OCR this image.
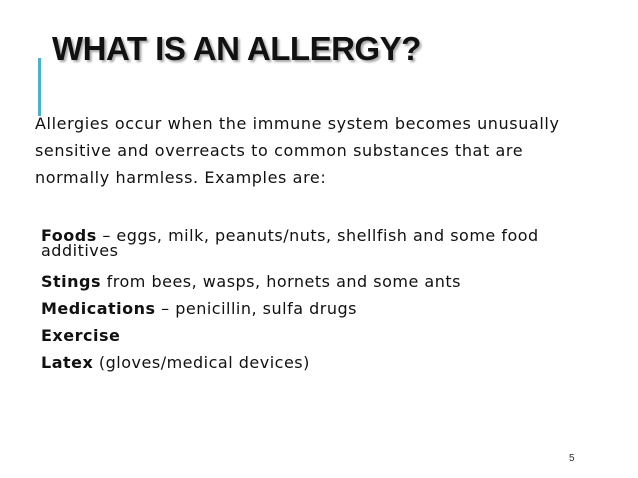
WHAT IS AN ALLERGY?

Allergies occur when the immune system becomes unusually sensitive and overreacts to common substances that are normally harmless. Examples are:

Foods – eggs, milk, peanuts/nuts, shellfish and some food additives
Stings from bees, wasps, hornets and some ants
Medications – penicillin, sulfa drugs
Exercise
Latex (gloves/medical devices)
5
